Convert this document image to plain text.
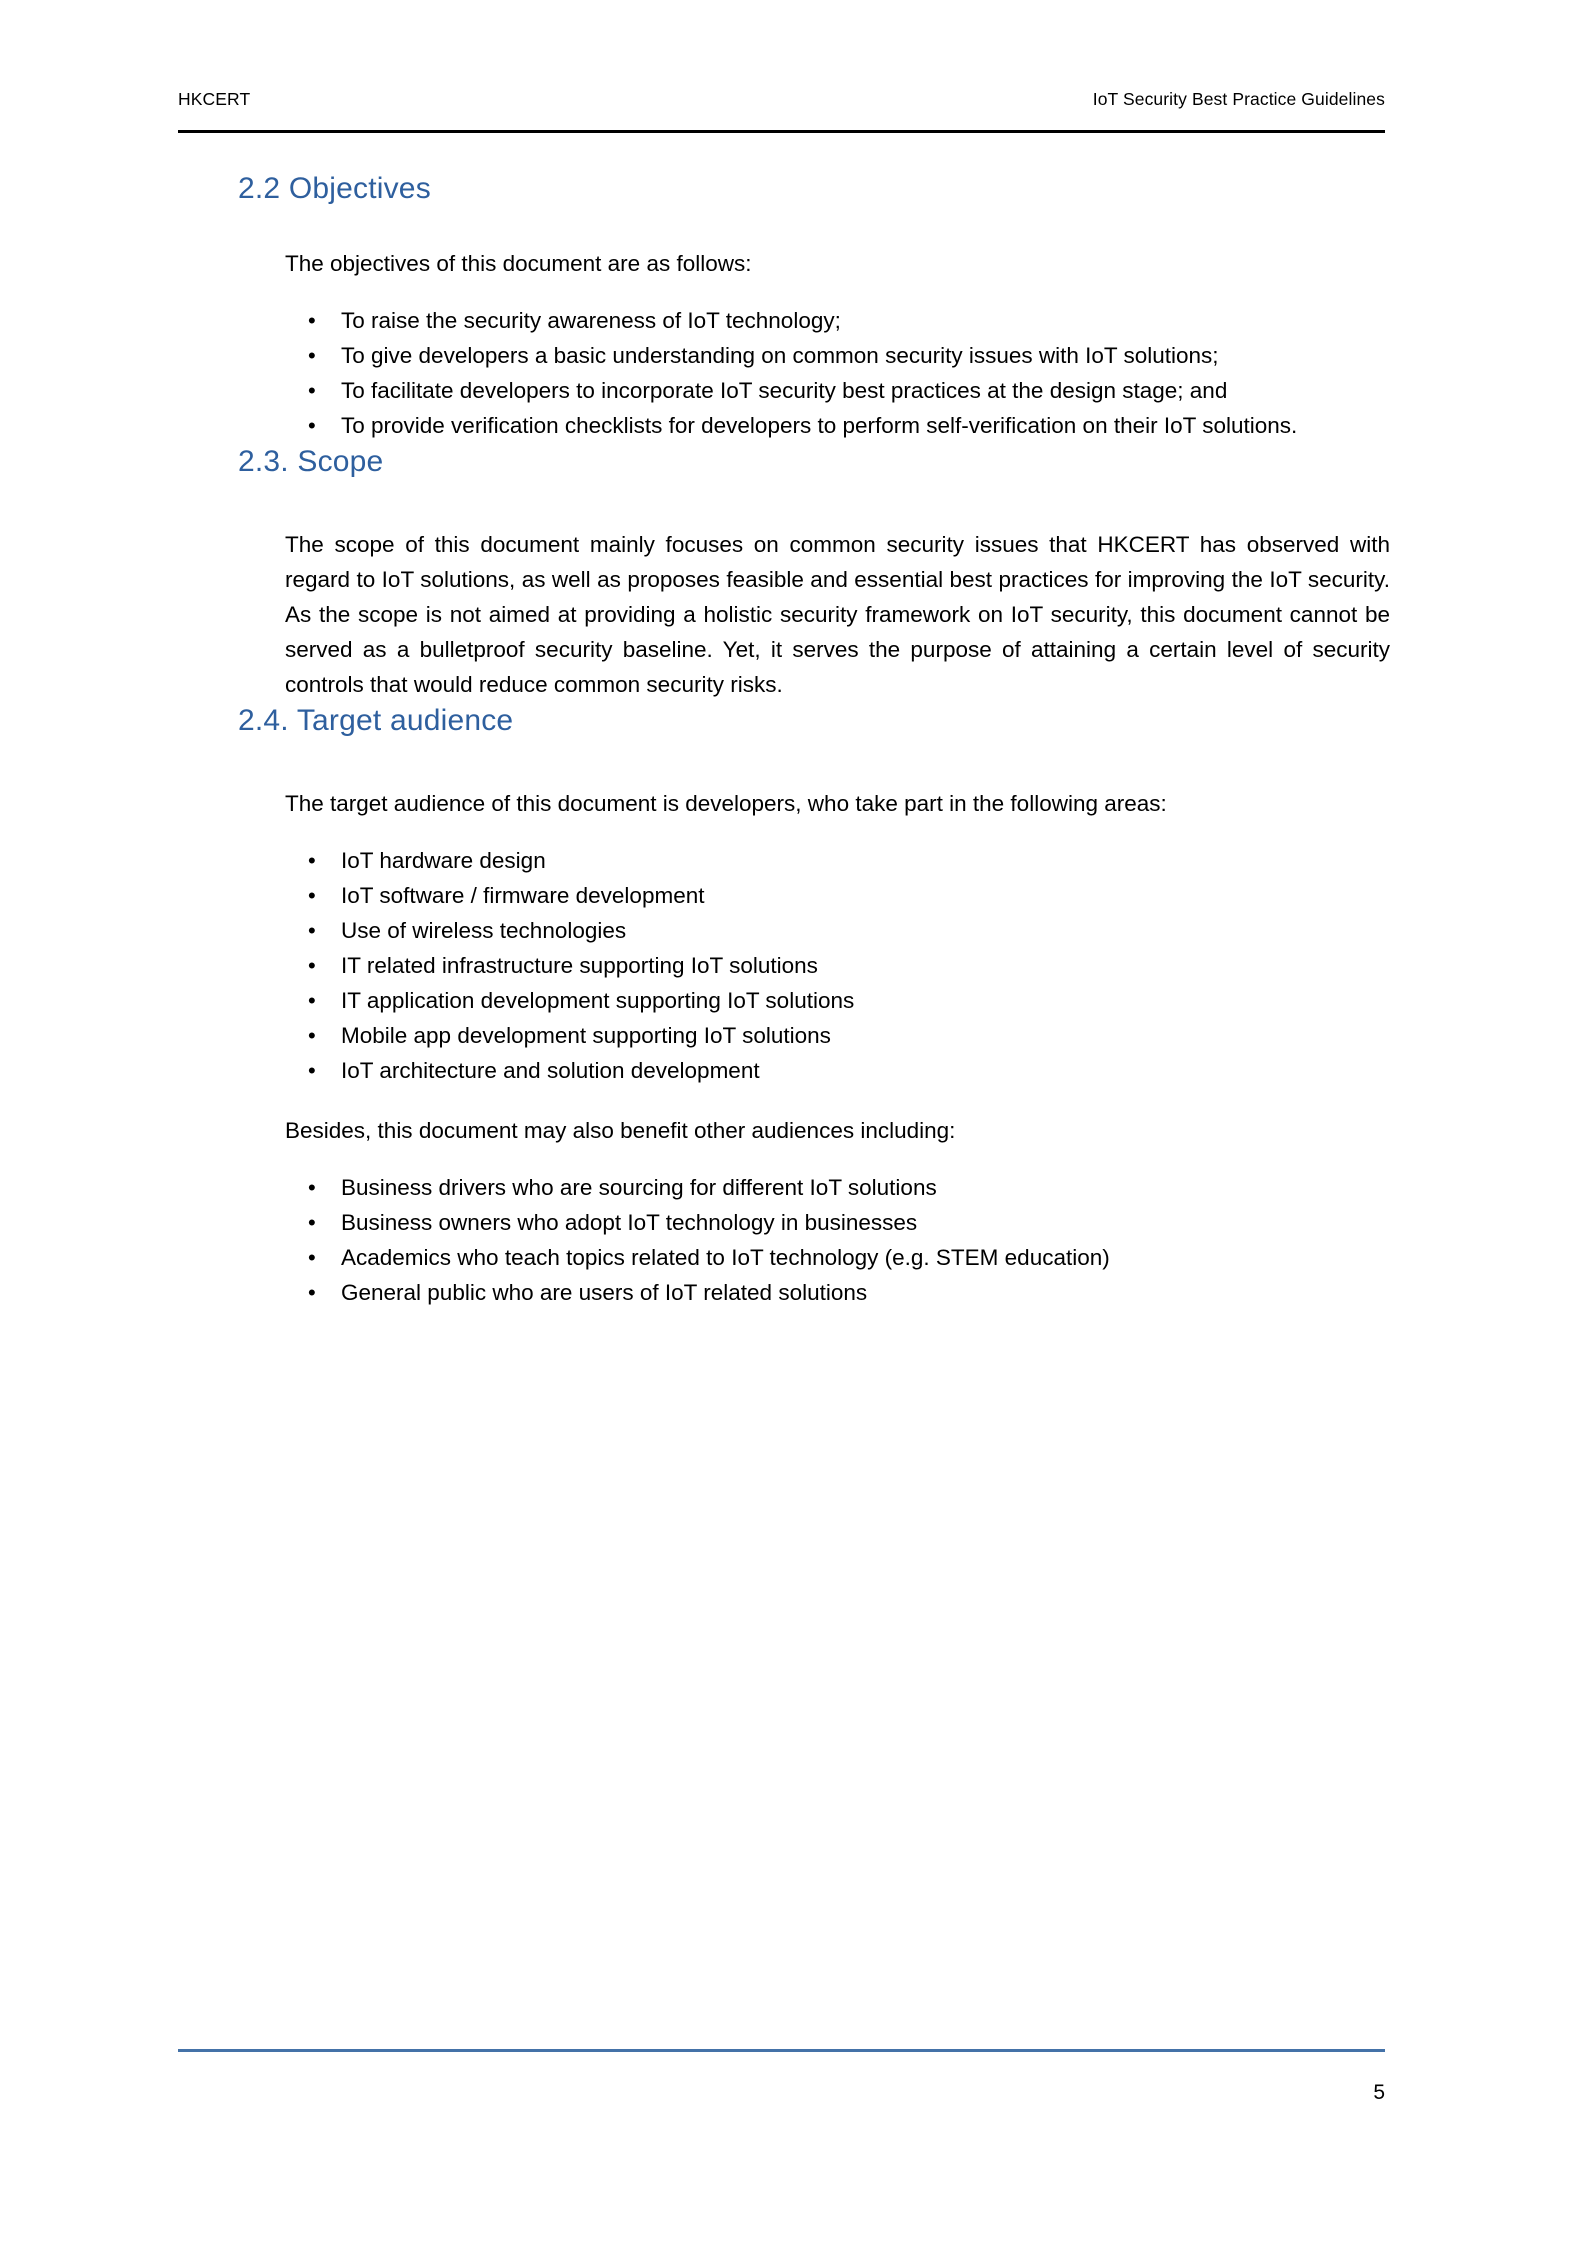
HKCERT	IoT Security Best Practice Guidelines
2.2 Objectives

The objectives of this document are as follows:

•
To raise the security awareness of IoT technology;
•
To give developers a basic understanding on common security issues with IoT solutions;
•
To facilitate developers to incorporate IoT security best practices at the design stage; and
•
To provide verification checklists for developers to perform self-verification on their IoT solutions.
2.3. Scope

The scope of this document mainly focuses on common security issues that HKCERT has observed with regard to IoT solutions, as well as proposes feasible and essential best practices for improving the IoT security. As the scope is not aimed at providing a holistic security framework on IoT security, this document cannot be served as a bulletproof security baseline. Yet, it serves the purpose of attaining a certain level of security controls that would reduce common security risks.

2.4. Target audience

The target audience of this document is developers, who take part in the following areas:

•
IoT hardware design
•
IoT software / firmware development
•
Use of wireless technologies
•
IT related infrastructure supporting IoT solutions
•
IT application development supporting IoT solutions
•
Mobile app development supporting IoT solutions
•
IoT architecture and solution development

Besides, this document may also benefit other audiences including:

•
Business drivers who are sourcing for different IoT solutions
•
Business owners who adopt IoT technology in businesses
•
Academics who teach topics related to IoT technology (e.g. STEM education)
•
General public who are users of IoT related solutions
5
